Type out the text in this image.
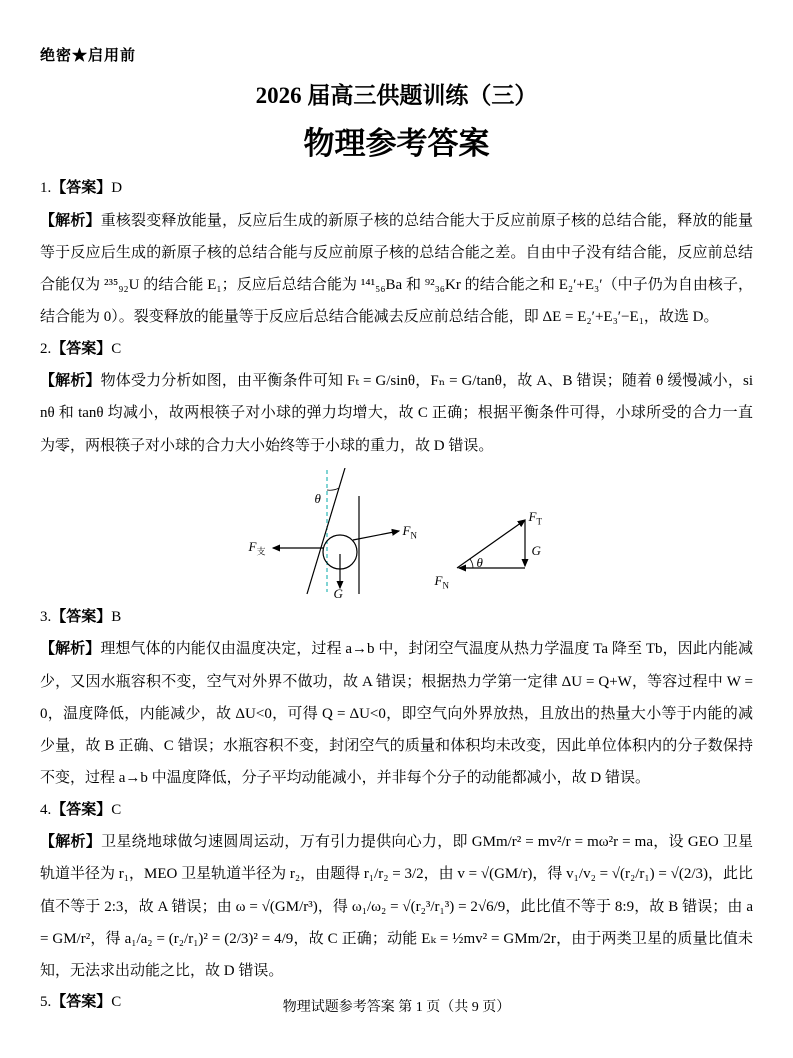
绝密★启用前
2026 届高三供题训练（三）
物理参考答案

1.【答案】D

【解析】重核裂变释放能量，反应后生成的新原子核的总结合能大于反应前原子核的总结合能，释放的能量等于反应后生成的新原子核的总结合能与反应前原子核的总结合能之差。自由中子没有结合能，反应前总结合能仅为 ²³⁵₉₂U 的结合能 E₁；反应后总结合能为 ¹⁴¹₅₆Ba 和 ⁹²₃₆Kr 的结合能之和 E₂′+E₃′（中子仍为自由核子，结合能为 0）。裂变释放的能量等于反应后总结合能减去反应前总结合能，即 ΔE = E₂′+E₃′−E₁，故选 D。

2.【答案】C

【解析】物体受力分析如图，由平衡条件可知 Fₜ = G/sinθ，Fₙ = G/tanθ，故 A、B 错误；随着 θ 缓慢减小，sinθ 和 tanθ 均减小，故两根筷子对小球的弹力均增大，故 C 正确；根据平衡条件可得，小球所受的合力一直为零，两根筷子对小球的合力大小始终等于小球的重力，故 D 错误。

θ
$F_N$
$F_支$
G
$F_T$
θ
G
$F_N$

3.【答案】B

【解析】理想气体的内能仅由温度决定，过程 a→b 中，封闭空气温度从热力学温度 Ta 降至 Tb，因此内能减少，又因水瓶容积不变，空气对外界不做功，故 A 错误；根据热力学第一定律 ΔU = Q+W，等容过程中 W = 0，温度降低，内能减少，故 ΔU<0，可得 Q = ΔU<0，即空气向外界放热，且放出的热量大小等于内能的减少量，故 B 正确、C 错误；水瓶容积不变，封闭空气的质量和体积均未改变，因此单位体积内的分子数保持不变，过程 a→b 中温度降低，分子平均动能减小，并非每个分子的动能都减小，故 D 错误。

4.【答案】C

【解析】卫星绕地球做匀速圆周运动，万有引力提供向心力，即 GMm/r² = mv²/r = mω²r = ma，设 GEO 卫星轨道半径为 r₁，MEO 卫星轨道半径为 r₂，由题得 r₁/r₂ = 3/2，由 v = √(GM/r)，得 v₁/v₂ = √(r₂/r₁) = √(2/3)，此比值不等于 2:3，故 A 错误；由 ω = √(GM/r³)，得 ω₁/ω₂ = √(r₂³/r₁³) = 2√6/9，此比值不等于 8:9，故 B 错误；由 a = GM/r²，得 a₁/a₂ = (r₂/r₁)² = (2/3)² = 4/9，故 C 正确；动能 Eₖ = ½mv² = GMm/2r，由于两类卫星的质量比值未知，无法求出动能之比，故 D 错误。

5.【答案】C	物理试题参考答案 第 1 页（共 9 页）
